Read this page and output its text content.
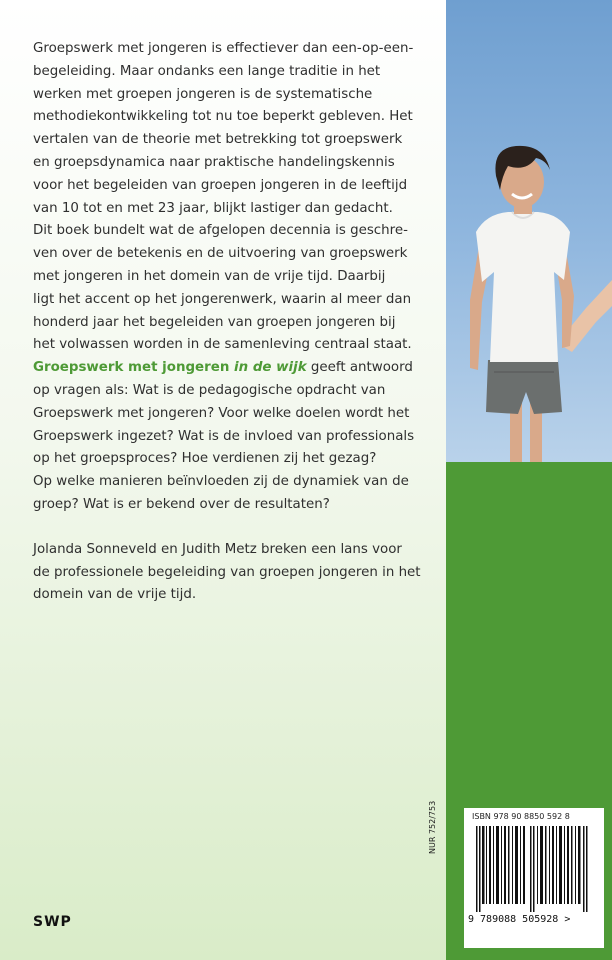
Groepswerk met jongeren is effectiever dan een-op-een-
begeleiding. Maar ondanks een lange traditie in het
werken met groepen jongeren is de systematische
methodiekontwikkeling tot nu toe beperkt gebleven. Het
vertalen van de theorie met betrekking tot groepswerk
en groepsdynamica naar praktische handelingskennis
voor het begeleiden van groepen jongeren in de leeftijd
van 10 tot en met 23 jaar, blijkt lastiger dan gedacht.
Dit boek bundelt wat de afgelopen decennia is geschre-
ven over de betekenis en de uitvoering van groepswerk
met jongeren in het domein van de vrije tijd. Daarbij
ligt het accent op het jongerenwerk, waarin al meer dan
honderd jaar het begeleiden van groepen jongeren bij
het volwassen worden in de samenleving centraal staat.
Groepswerk met jongeren in de wijk geeft antwoord
op vragen als: Wat is de pedagogische opdracht van
Groepswerk met jongeren? Voor welke doelen wordt het
Groepswerk ingezet? Wat is de invloed van professionals
op het groepsproces? Hoe verdienen zij het gezag?
Op welke manieren beïnvloeden zij de dynamiek van de
groep? Wat is er bekend over de resultaten?
Jolanda Sonneveld en Judith Metz breken een lans voor
de professionele begeleiding van groepen jongeren in het
domein van de vrije tijd.
SWP
NUR 752/753	ISBN 978 90 8850 592 8
9 789088 505928 >
www.swpbook.com
